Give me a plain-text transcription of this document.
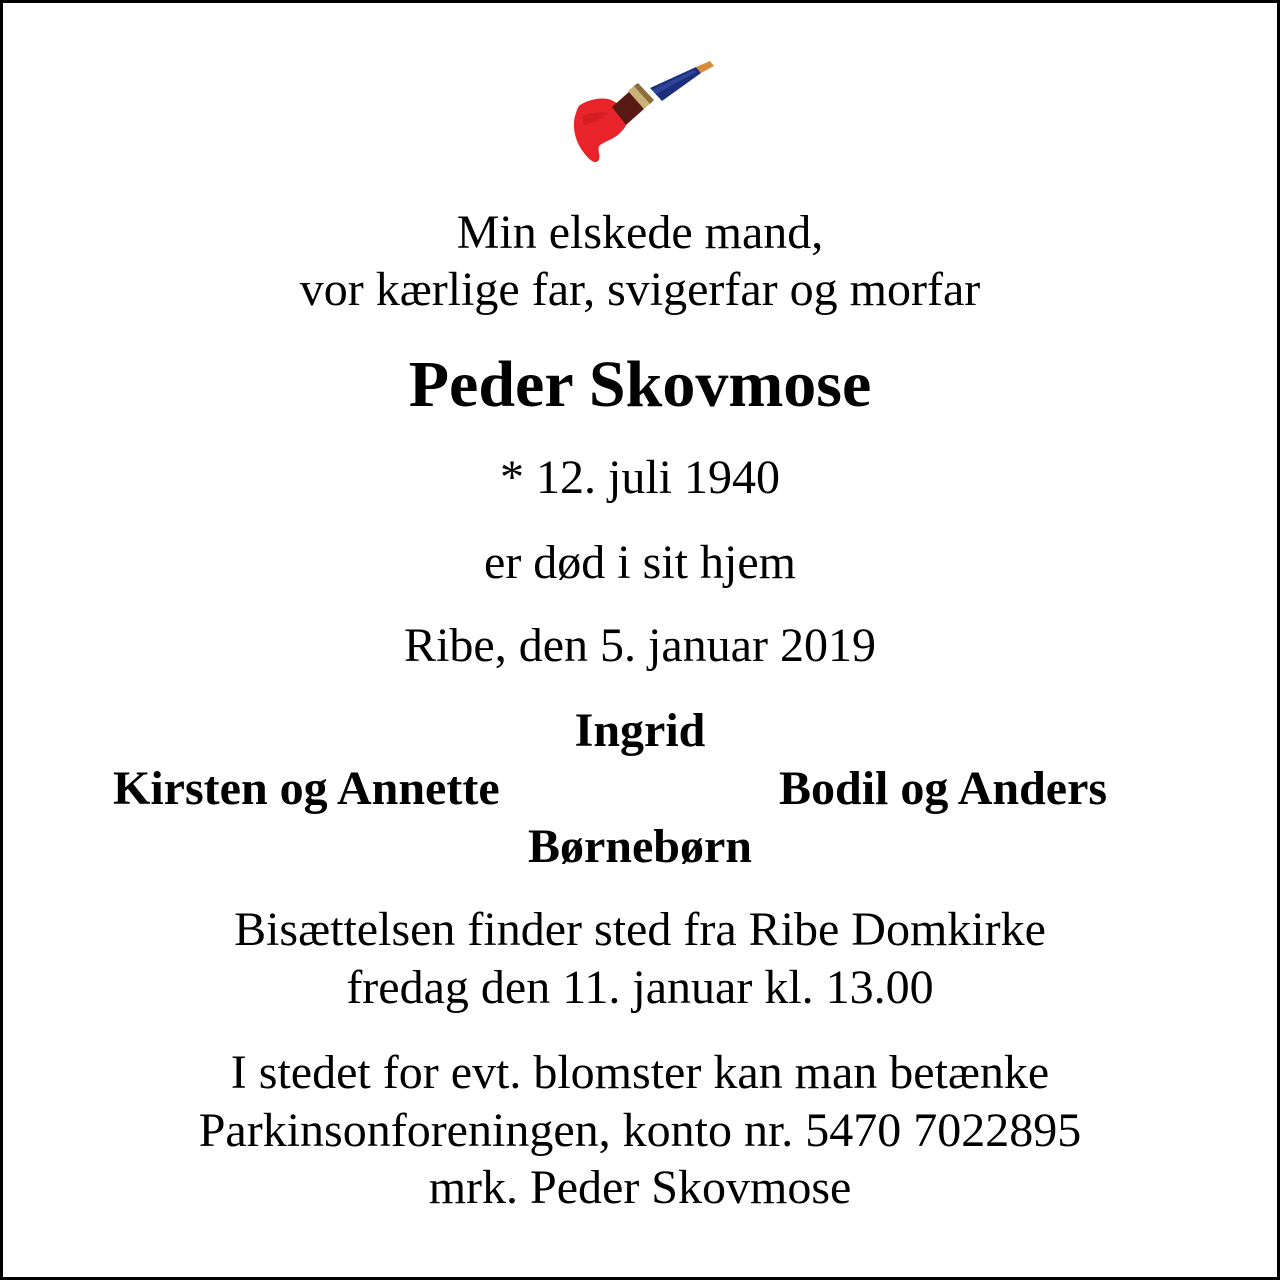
Min elskede mand,
vor kærlige far, svigerfar og morfar
Peder Skovmose
* 12. juli 1940
er død i sit hjem
Ribe, den 5. januar 2019
Ingrid
Kirsten og Annette	Bodil og Anders
Børnebørn
Bisættelsen finder sted fra Ribe Domkirke
fredag den 11. januar kl. 13.00
I stedet for evt. blomster kan man betænke
Parkinsonforeningen, konto nr. 5470 7022895
mrk. Peder Skovmose
